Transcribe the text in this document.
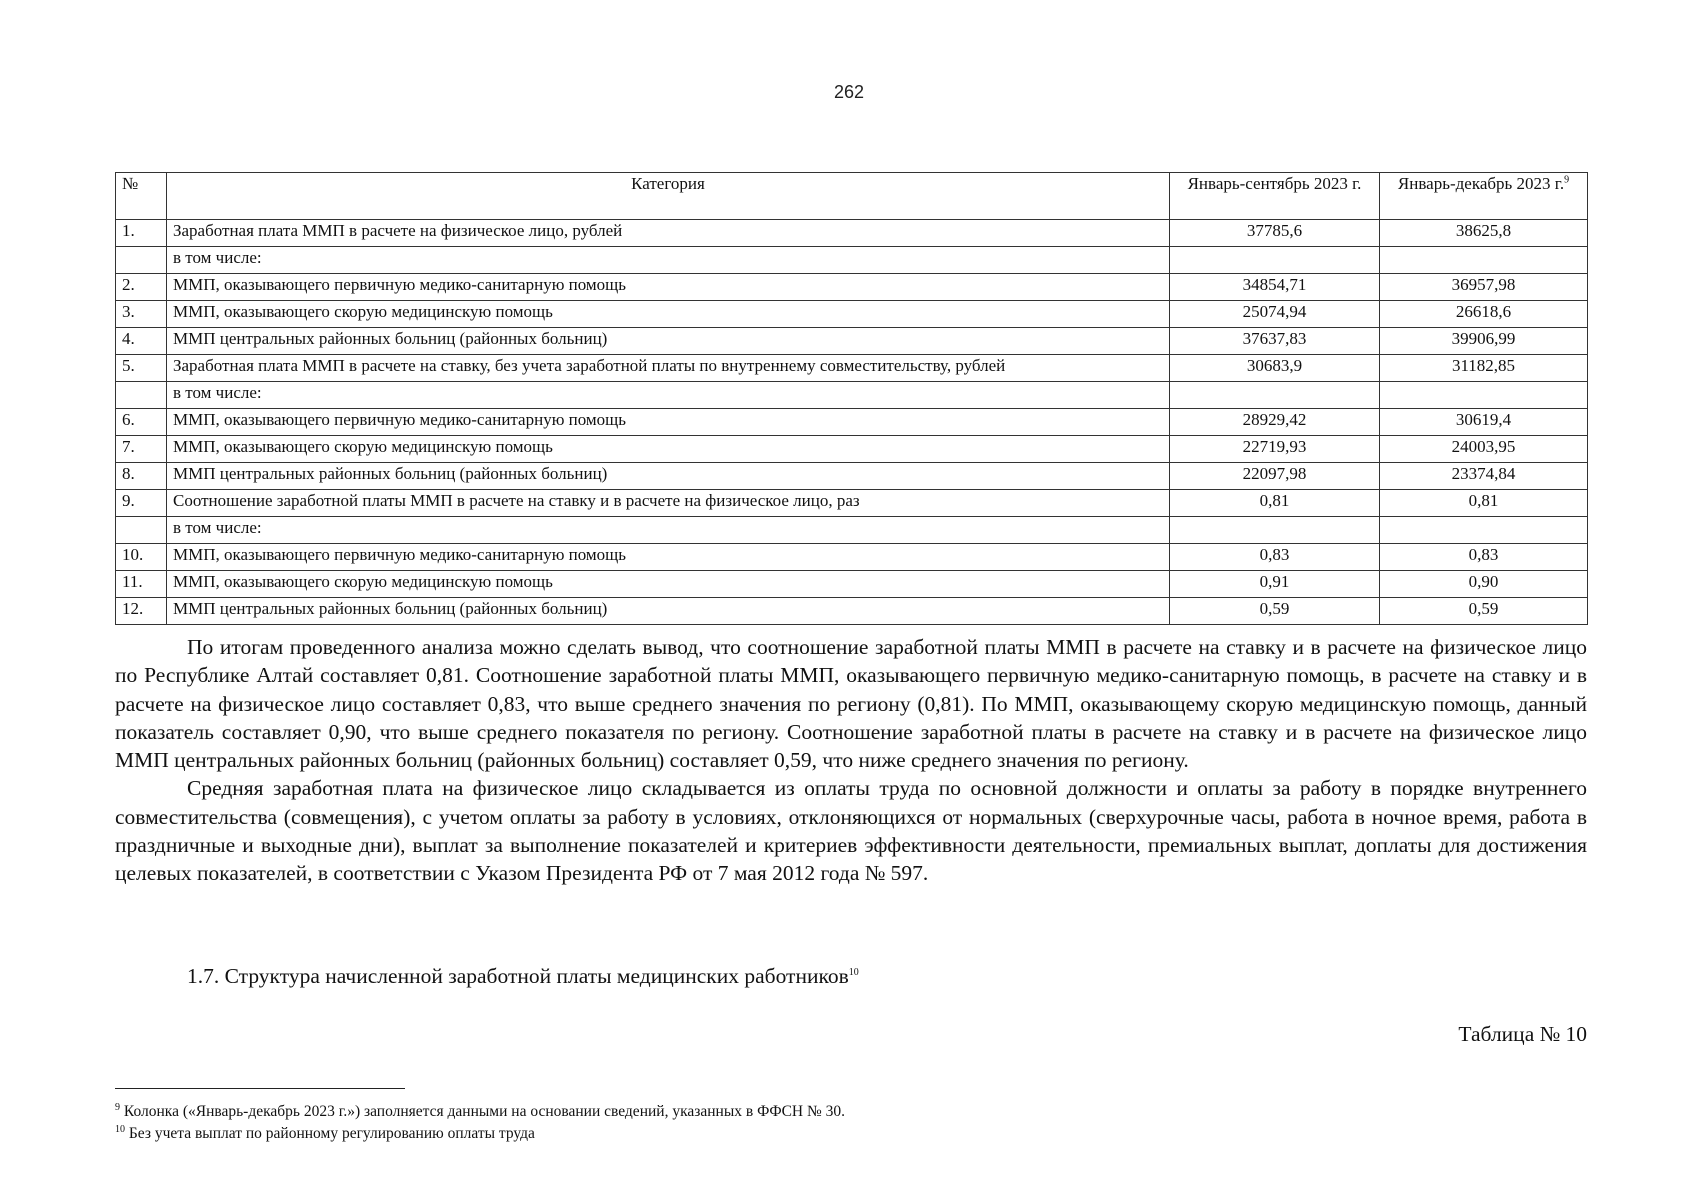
262
№	Категория	Январь-сентябрь 2023 г.	Январь-декабрь 2023 г.$^9$
1.	Заработная плата ММП в расчете на физическое лицо, рублей	37785,6	38625,8
	в том числе:		
2.	ММП, оказывающего первичную медико-санитарную помощь	34854,71	36957,98
3.	ММП, оказывающего скорую медицинскую помощь	25074,94	26618,6
4.	ММП центральных районных больниц (районных больниц)	37637,83	39906,99
5.	Заработная плата ММП в расчете на ставку, без учета заработной платы по внутреннему совместительству, рублей	30683,9	31182,85
	в том числе:		
6.	ММП, оказывающего первичную медико-санитарную помощь	28929,42	30619,4
7.	ММП, оказывающего скорую медицинскую помощь	22719,93	24003,95
8.	ММП центральных районных больниц (районных больниц)	22097,98	23374,84
9.	Соотношение заработной платы ММП в расчете на ставку и в расчете на физическое лицо, раз	0,81	0,81
	в том числе:		
10.	ММП, оказывающего первичную медико-санитарную помощь	0,83	0,83
11.	ММП, оказывающего скорую медицинскую помощь	0,91	0,90
12.	ММП центральных районных больниц (районных больниц)	0,59	0,59

По итогам проведенного анализа можно сделать вывод, что соотношение заработной платы ММП в расчете на ставку и в расчете на физическое лицо по Республике Алтай составляет 0,81. Соотношение заработной платы ММП, оказывающего первичную медико-санитарную помощь, в расчете на ставку и в расчете на физическое лицо составляет 0,83, что выше среднего значения по региону (0,81). По ММП, оказывающему скорую медицинскую помощь, данный показатель составляет 0,90, что выше среднего показателя по региону. Соотношение заработной платы в расчете на ставку и в расчете на физическое лицо ММП центральных районных больниц (районных больниц) составляет 0,59, что ниже среднего значения по региону.

Средняя заработная плата на физическое лицо складывается из оплаты труда по основной должности и оплаты за работу в порядке внутреннего совместительства (совмещения), с учетом оплаты за работу в условиях, отклоняющихся от нормальных (сверхурочные часы, работа в ночное время, работа в праздничные и выходные дни), выплат за выполнение показателей и критериев эффективности деятельности, премиальных выплат, доплаты для достижения целевых показателей, в соответствии с Указом Президента РФ от 7 мая 2012 года № 597.

1.7. Структура начисленной заработной платы медицинских работников$^{10}$
Таблица № 10
$^9$ Колонка («Январь-декабрь 2023 г.») заполняется данными на основании сведений, указанных в ФФСН № 30.
$^{10}$ Без учета выплат по районному регулированию оплаты труда
